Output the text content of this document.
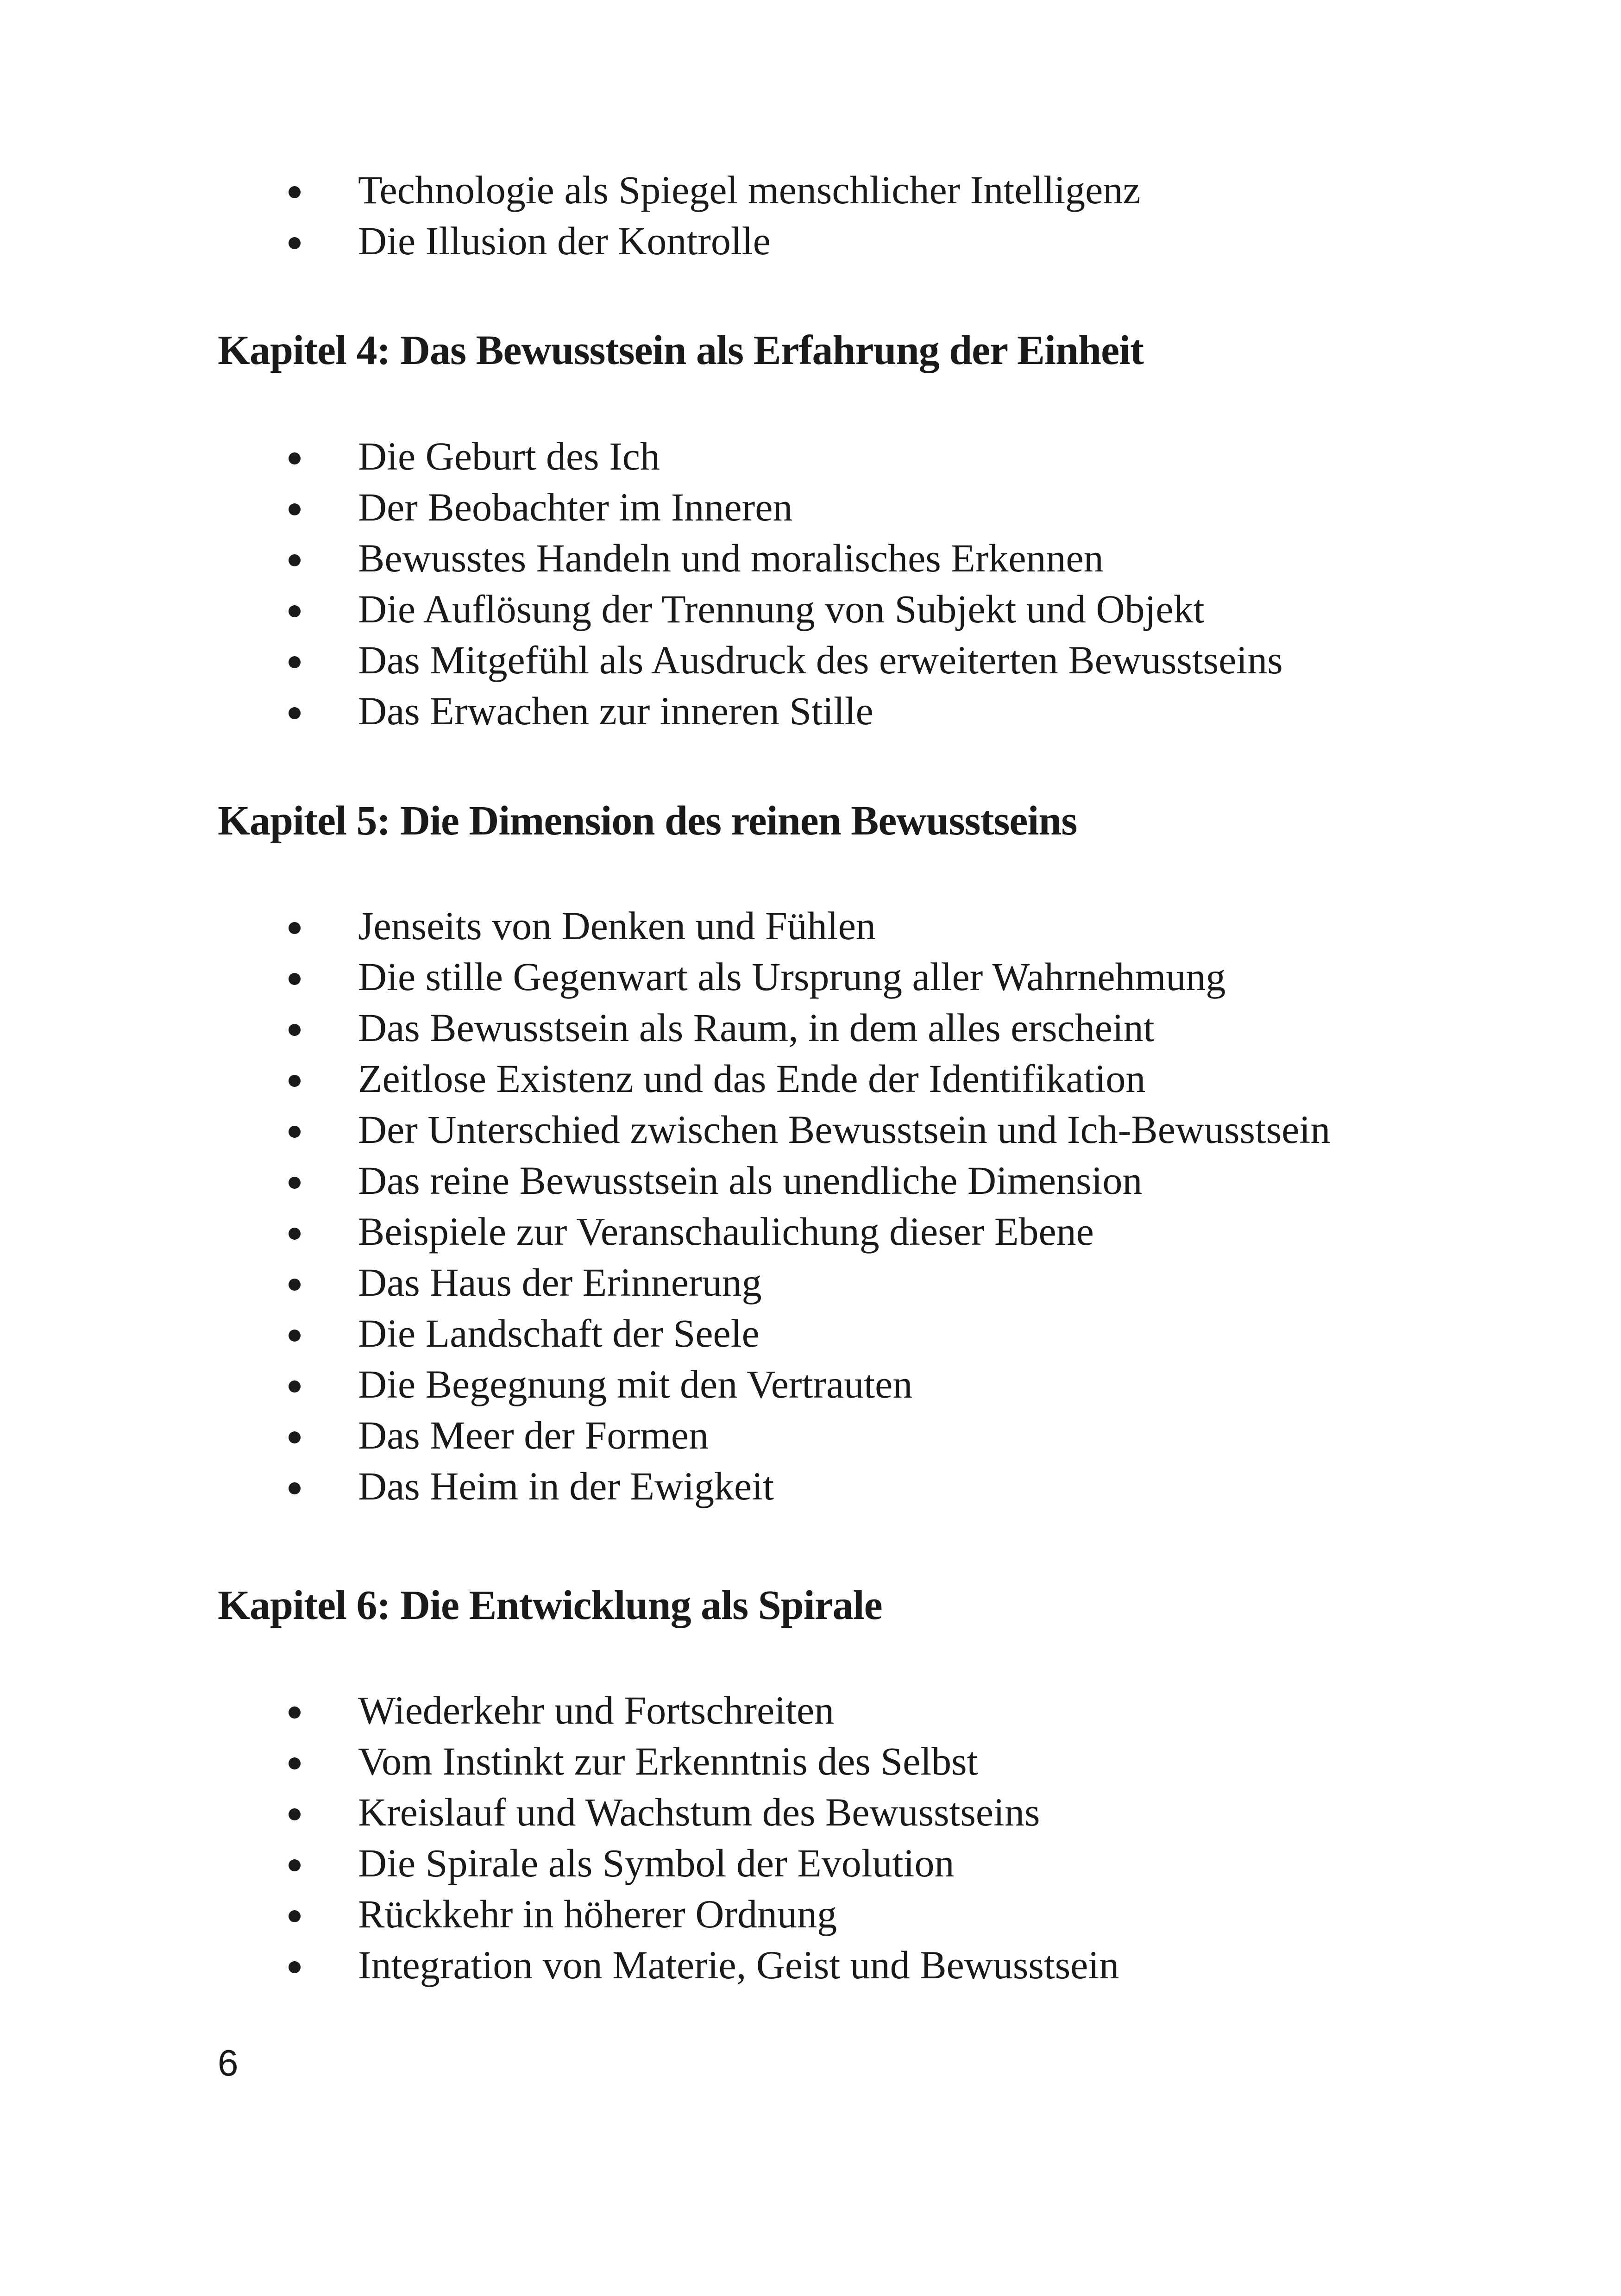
Technologie als Spiegel menschlicher Intelligenz
Die Illusion der Kontrolle
Kapitel 4: Das Bewusstsein als Erfahrung der Einheit
Die Geburt des Ich
Der Beobachter im Inneren
Bewusstes Handeln und moralisches Erkennen
Die Auflösung der Trennung von Subjekt und Objekt
Das Mitgefühl als Ausdruck des erweiterten Bewusstseins
Das Erwachen zur inneren Stille
Kapitel 5: Die Dimension des reinen Bewusstseins
Jenseits von Denken und Fühlen
Die stille Gegenwart als Ursprung aller Wahrnehmung
Das Bewusstsein als Raum, in dem alles erscheint
Zeitlose Existenz und das Ende der Identifikation
Der Unterschied zwischen Bewusstsein und Ich-Bewusstsein
Das reine Bewusstsein als unendliche Dimension
Beispiele zur Veranschaulichung dieser Ebene
Das Haus der Erinnerung
Die Landschaft der Seele
Die Begegnung mit den Vertrauten
Das Meer der Formen
Das Heim in der Ewigkeit
Kapitel 6: Die Entwicklung als Spirale
Wiederkehr und Fortschreiten
Vom Instinkt zur Erkenntnis des Selbst
Kreislauf und Wachstum des Bewusstseins
Die Spirale als Symbol der Evolution
Rückkehr in höherer Ordnung
Integration von Materie, Geist und Bewusstsein
6
